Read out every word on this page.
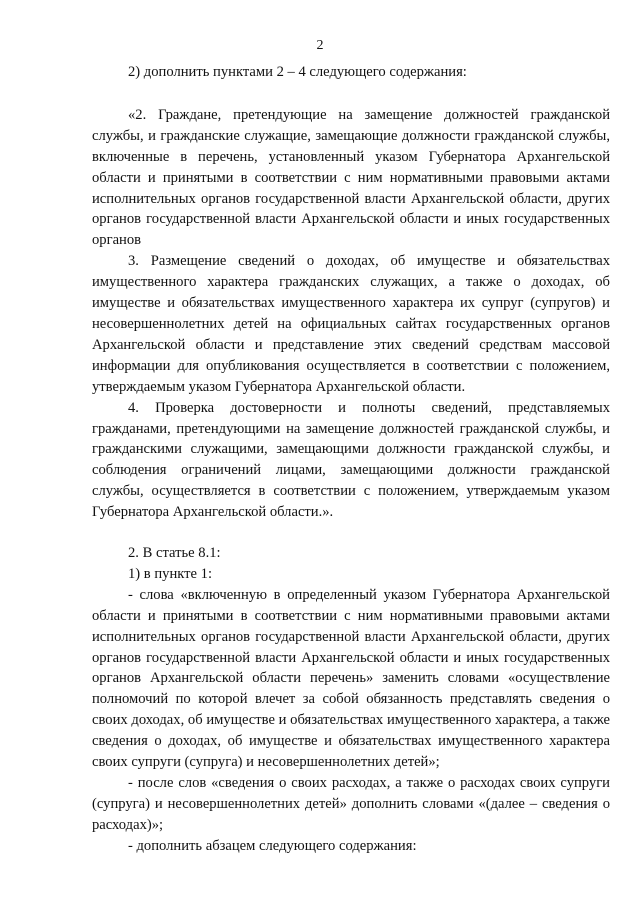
2

2) дополнить пунктами 2 – 4 следующего содержания:

«2. Граждане, претендующие на замещение должностей гражданской службы, и гражданские служащие, замещающие должности гражданской службы, включенные в перечень, установленный указом Губернатора Архангельской области и принятыми в соответствии с ним нормативными правовыми актами исполнительных органов государственной власти Архангельской области, других органов государственной власти Архангельской области и иных государственных органов

3. Размещение сведений о доходах, об имуществе и обязательствах имущественного характера гражданских служащих, а также о доходах, об имуществе и обязательствах имущественного характера их супруг (супругов) и несовершеннолетних детей на официальных сайтах государственных органов Архангельской области и представление этих сведений средствам массовой информации для опубликования осуществляется в соответствии с положением, утверждаемым указом Губернатора Архангельской области.

4. Проверка достоверности и полноты сведений, представляемых гражданами, претендующими на замещение должностей гражданской службы, и гражданскими служащими, замещающими должности гражданской службы, и соблюдения ограничений лицами, замещающими должности гражданской службы, осуществляется в соответствии с положением, утверждаемым указом Губернатора Архангельской области.».

2. В статье 8.1:

1) в пункте 1:

- слова «включенную в определенный указом Губернатора Архангельской области и принятыми в соответствии с ним нормативными правовыми актами исполнительных органов государственной власти Архангельской области, других органов государственной власти Архангельской области и иных государственных органов Архангельской области перечень» заменить словами «осуществление полномочий по которой влечет за собой обязанность представлять сведения о своих доходах, об имуществе и обязательствах имущественного характера, а также сведения о доходах, об имуществе и обязательствах имущественного характера своих супруги (супруга) и несовершеннолетних детей»;

- после слов «сведения о своих расходах, а также о расходах своих супруги (супруга) и несовершеннолетних детей» дополнить словами «(далее – сведения о расходах)»;

- дополнить абзацем следующего содержания:
